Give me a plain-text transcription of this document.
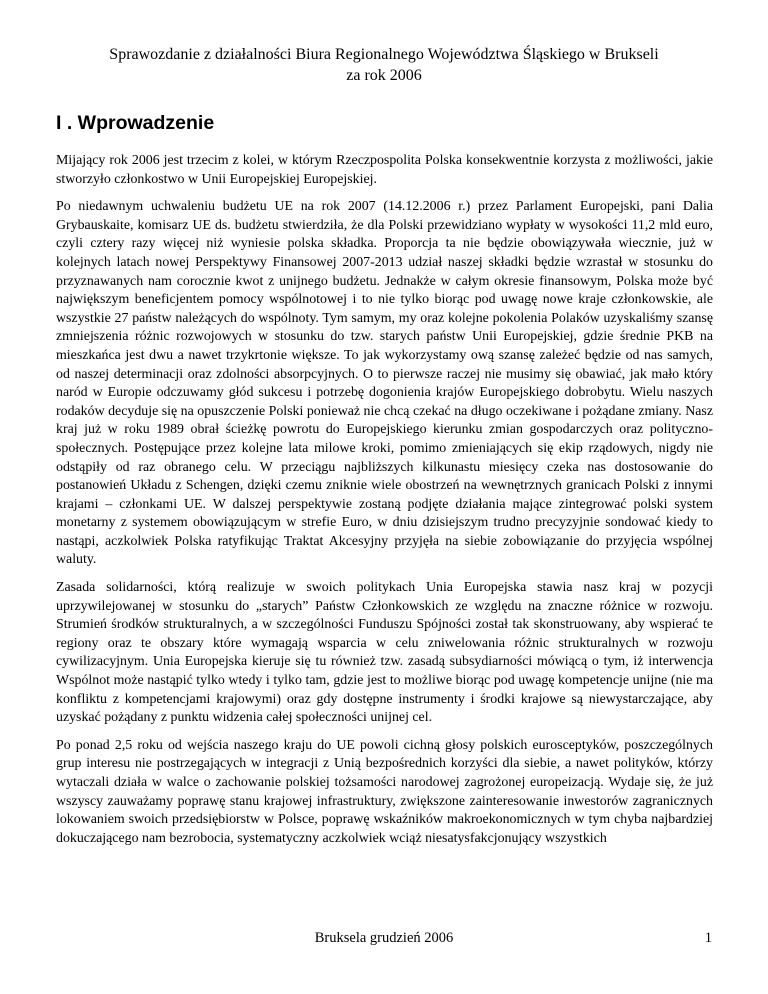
Sprawozdanie z działalności Biura Regionalnego Województwa Śląskiego w Brukseli
za rok 2006
I . Wprowadzenie

Mijający rok 2006 jest trzecim z kolei, w którym Rzeczpospolita Polska konsekwentnie korzysta z możliwości, jakie stworzyło członkostwo w Unii Europejskiej Europejskiej.

Po niedawnym uchwaleniu budżetu UE na rok 2007 (14.12.2006 r.) przez Parlament Europejski, pani Dalia Grybauskaite, komisarz UE ds. budżetu stwierdziła, że dla Polski przewidziano wypłaty w wysokości 11,2 mld euro, czyli cztery razy więcej niż wyniesie polska składka. Proporcja ta nie będzie obowiązywała wiecznie, już w kolejnych latach nowej Perspektywy Finansowej 2007-2013 udział naszej składki będzie wzrastał w stosunku do przyznawanych nam corocznie kwot z unijnego budżetu. Jednakże w całym okresie finansowym, Polska może być największym beneficjentem pomocy wspólnotowej i to nie tylko biorąc pod uwagę nowe kraje członkowskie, ale wszystkie 27 państw należących do wspólnoty. Tym samym, my oraz kolejne pokolenia Polaków uzyskaliśmy szansę zmniejszenia różnic rozwojowych w stosunku do tzw. starych państw Unii Europejskiej, gdzie średnie PKB na mieszkańca jest dwu a nawet trzykrtonie większe. To jak wykorzystamy ową szansę zależeć będzie od nas samych, od naszej determinacji oraz zdolności absorpcyjnych. O to pierwsze raczej nie musimy się obawiać, jak mało który naród w Europie odczuwamy głód sukcesu i potrzebę dogonienia krajów Europejskiego dobrobytu. Wielu naszych rodaków decyduje się na opuszczenie Polski ponieważ nie chcą czekać na długo oczekiwane i pożądane zmiany. Nasz kraj już w roku 1989 obrał ścieżkę powrotu do Europejskiego kierunku zmian gospodarczych oraz polityczno-społecznych. Postępujące przez kolejne lata milowe kroki, pomimo zmieniających się ekip rządowych, nigdy nie odstąpiły od raz obranego celu. W przeciągu najbliższych kilkunastu miesięcy czeka nas dostosowanie do postanowień Układu z Schengen, dzięki czemu zniknie wiele obostrzeń na wewnętrznych granicach Polski z innymi krajami – członkami UE. W dalszej perspektywie zostaną podjęte działania mające zintegrować polski system monetarny z systemem obowiązującym w strefie Euro, w dniu dzisiejszym trudno precyzyjnie sondować kiedy to nastąpi, aczkolwiek Polska ratyfikując Traktat Akcesyjny przyjęła na siebie zobowiązanie do przyjęcia wspólnej waluty.

Zasada solidarności, którą realizuje w swoich politykach Unia Europejska stawia nasz kraj w pozycji uprzywilejowanej w stosunku do „starych” Państw Członkowskich ze względu na znaczne różnice w rozwoju. Strumień środków strukturalnych, a w szczególności Funduszu Spójności został tak skonstruowany, aby wspierać te regiony oraz te obszary które wymagają wsparcia w celu zniwelowania różnic strukturalnych w rozwoju cywilizacyjnym. Unia Europejska kieruje się tu również tzw. zasadą subsydiarności mówiącą o tym, iż interwencja Wspólnot może nastąpić tylko wtedy i tylko tam, gdzie jest to możliwe biorąc pod uwagę kompetencje unijne (nie ma konfliktu z kompetencjami krajowymi) oraz gdy dostępne instrumenty i środki krajowe są niewystarczające, aby uzyskać pożądany z punktu widzenia całej społeczności unijnej cel.

Po ponad 2,5 roku od wejścia naszego kraju do UE powoli cichną głosy polskich eurosceptyków, poszczególnych grup interesu nie postrzegających w integracji z Unią bezpośrednich korzyści dla siebie, a nawet polityków, którzy wytaczali działa w walce o zachowanie polskiej tożsamości narodowej zagrożonej europeizacją. Wydaje się, że już wszyscy zauważamy poprawę stanu krajowej infrastruktury, zwiększone zainteresowanie inwestorów zagranicznych lokowaniem swoich przedsiębiorstw w Polsce, poprawę wskaźników makroekonomicznych w tym chyba najbardziej dokuczającego nam bezrobocia, systematyczny aczkolwiek wciąż niesatysfakcjonujący wszystkich

Bruksela grudzień 2006	1
